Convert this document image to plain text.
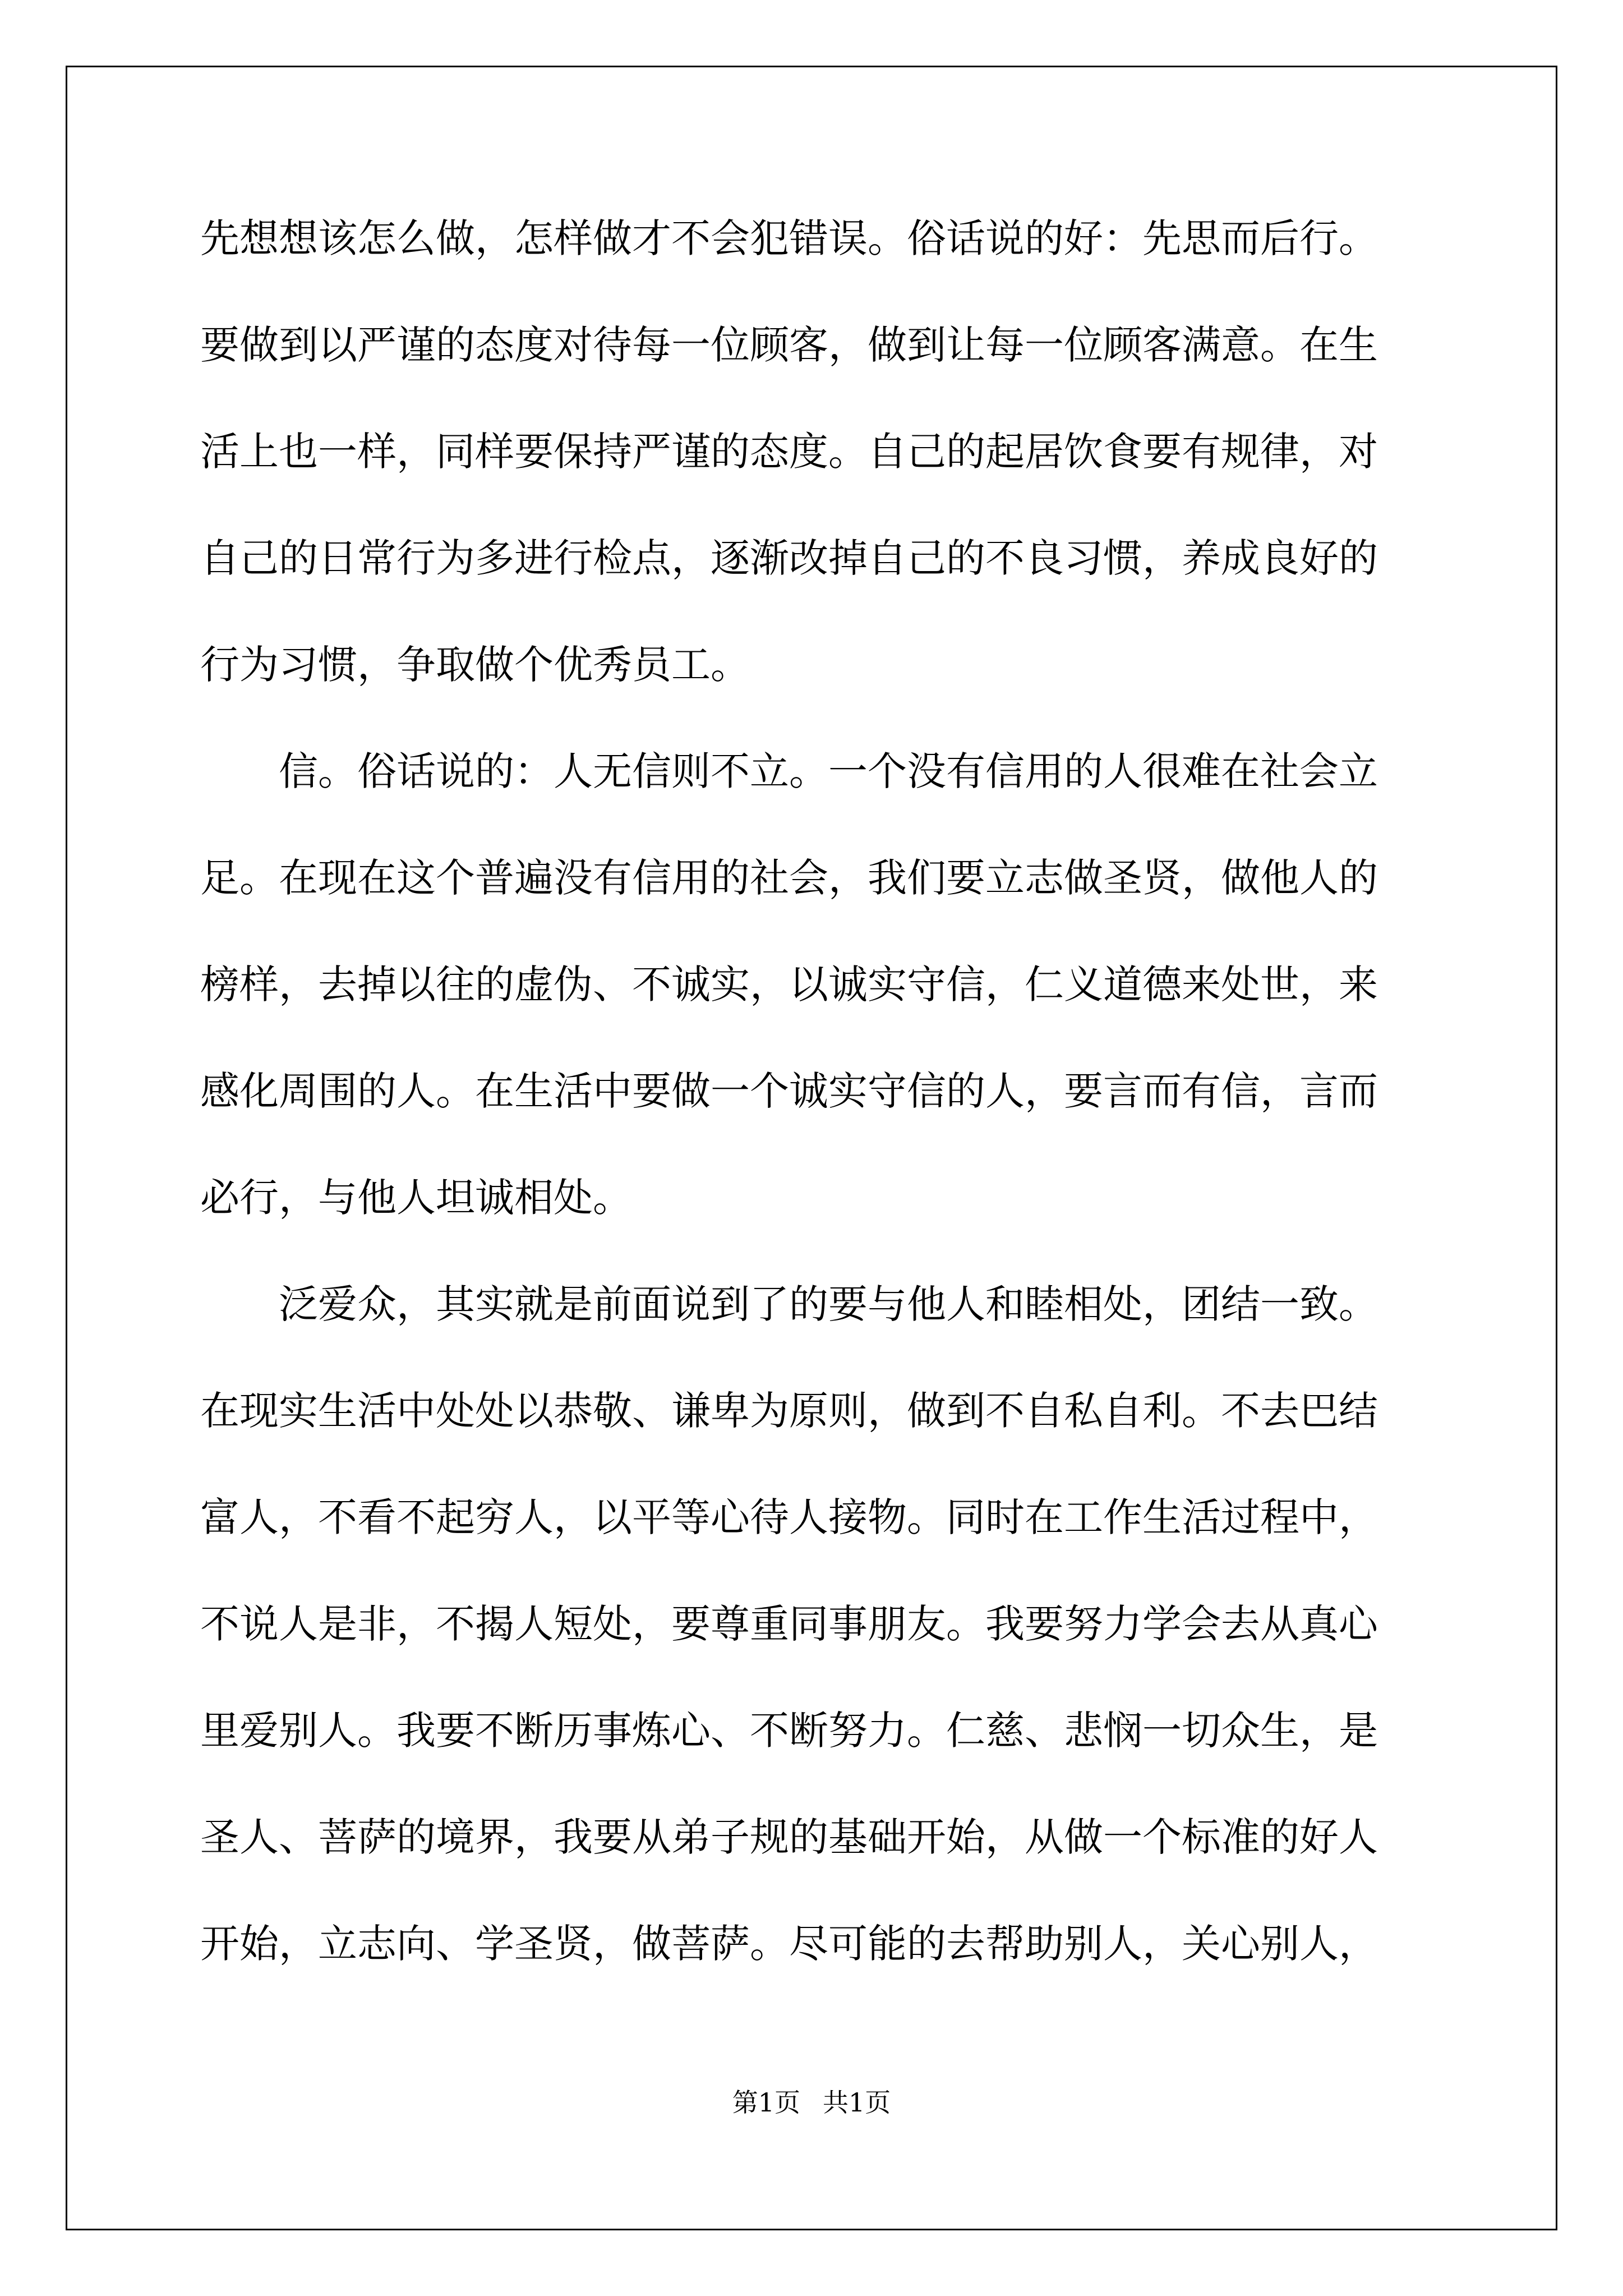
先想想该怎么做，怎样做才不会犯错误。俗话说的好：先思而后行。
要做到以严谨的态度对待每一位顾客，做到让每一位顾客满意。在生
活上也一样，同样要保持严谨的态度。自己的起居饮食要有规律，对
自己的日常行为多进行检点，逐渐改掉自己的不良习惯，养成良好的
行为习惯，争取做个优秀员工。
信。俗话说的：人无信则不立。一个没有信用的人很难在社会立
足。在现在这个普遍没有信用的社会，我们要立志做圣贤，做他人的
榜样，去掉以往的虚伪、不诚实，以诚实守信，仁义道德来处世，来
感化周围的人。在生活中要做一个诚实守信的人，要言而有信，言而
必行，与他人坦诚相处。
泛爱众，其实就是前面说到了的要与他人和睦相处，团结一致。
在现实生活中处处以恭敬、谦卑为原则，做到不自私自利。不去巴结
富人，不看不起穷人，以平等心待人接物。同时在工作生活过程中，
不说人是非，不揭人短处，要尊重同事朋友。我要努力学会去从真心
里爱别人。我要不断历事炼心、不断努力。仁慈、悲悯一切众生，是
圣人、菩萨的境界，我要从弟子规的基础开始，从做一个标准的好人
开始，立志向、学圣贤，做菩萨。尽可能的去帮助别人，关心别人，
第1页 共1页
